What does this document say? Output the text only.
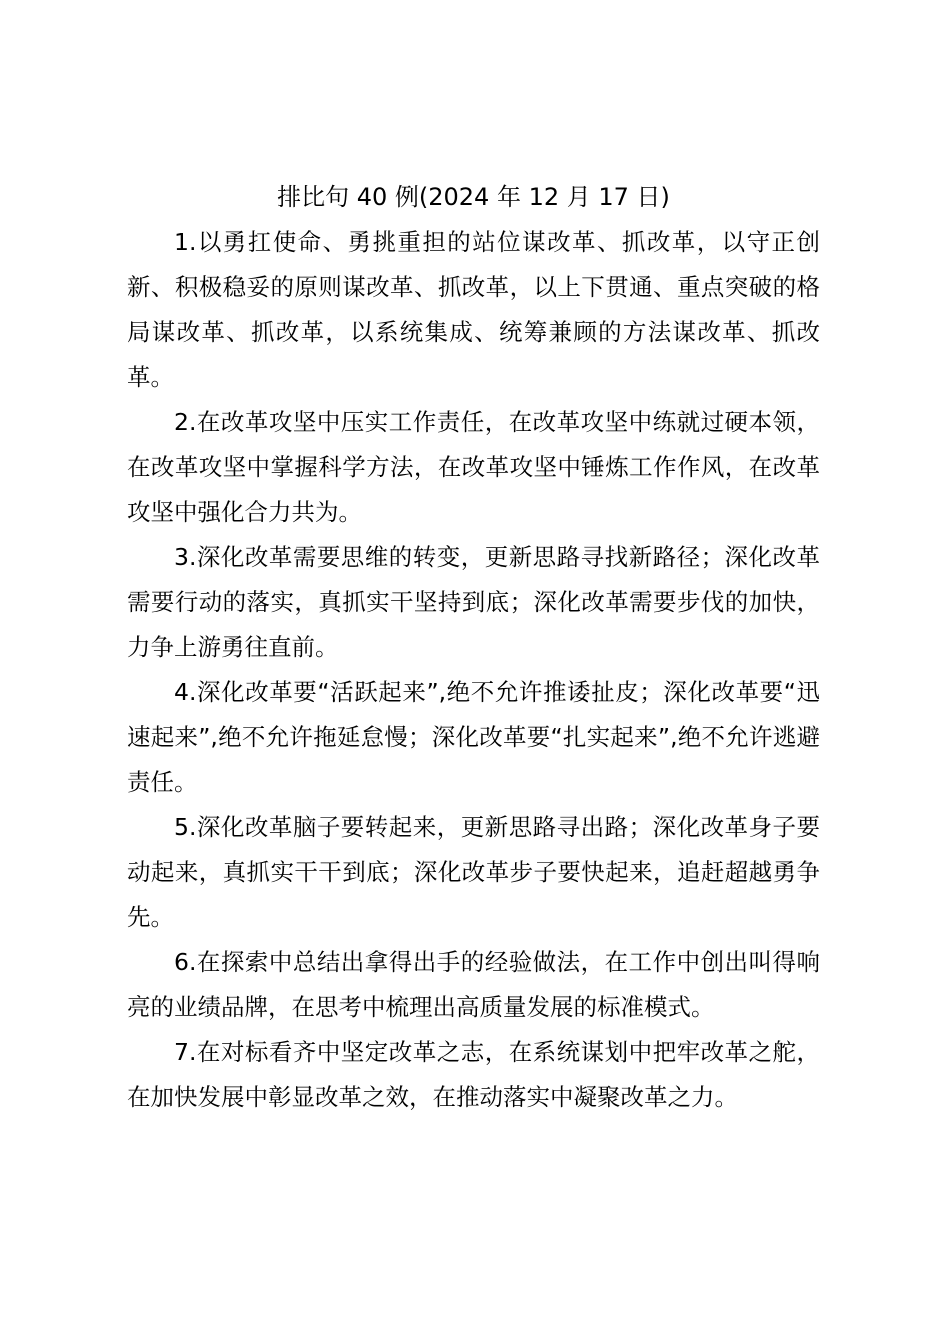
排比句 40 例(2024 年 12 月 17 日)

1.以勇扛使命、勇挑重担的站位谋改革、抓改革，以守正创新、积极稳妥的原则谋改革、抓改革，以上下贯通、重点突破的格局谋改革、抓改革，以系统集成、统筹兼顾的方法谋改革、抓改革。

2.在改革攻坚中压实工作责任，在改革攻坚中练就过硬本领，在改革攻坚中掌握科学方法，在改革攻坚中锤炼工作作风，在改革攻坚中强化合力共为。

3.深化改革需要思维的转变，更新思路寻找新路径；深化改革需要行动的落实，真抓实干坚持到底；深化改革需要步伐的加快，力争上游勇往直前。

4.深化改革要“活跃起来”,绝不允许推诿扯皮；深化改革要“迅速起来”,绝不允许拖延怠慢；深化改革要“扎实起来”,绝不允许逃避责任。

5.深化改革脑子要转起来，更新思路寻出路；深化改革身子要动起来，真抓实干干到底；深化改革步子要快起来，追赶超越勇争先。

6.在探索中总结出拿得出手的经验做法，在工作中创出叫得响亮的业绩品牌，在思考中梳理出高质量发展的标准模式。

7.在对标看齐中坚定改革之志，在系统谋划中把牢改革之舵，在加快发展中彰显改革之效，在推动落实中凝聚改革之力。
